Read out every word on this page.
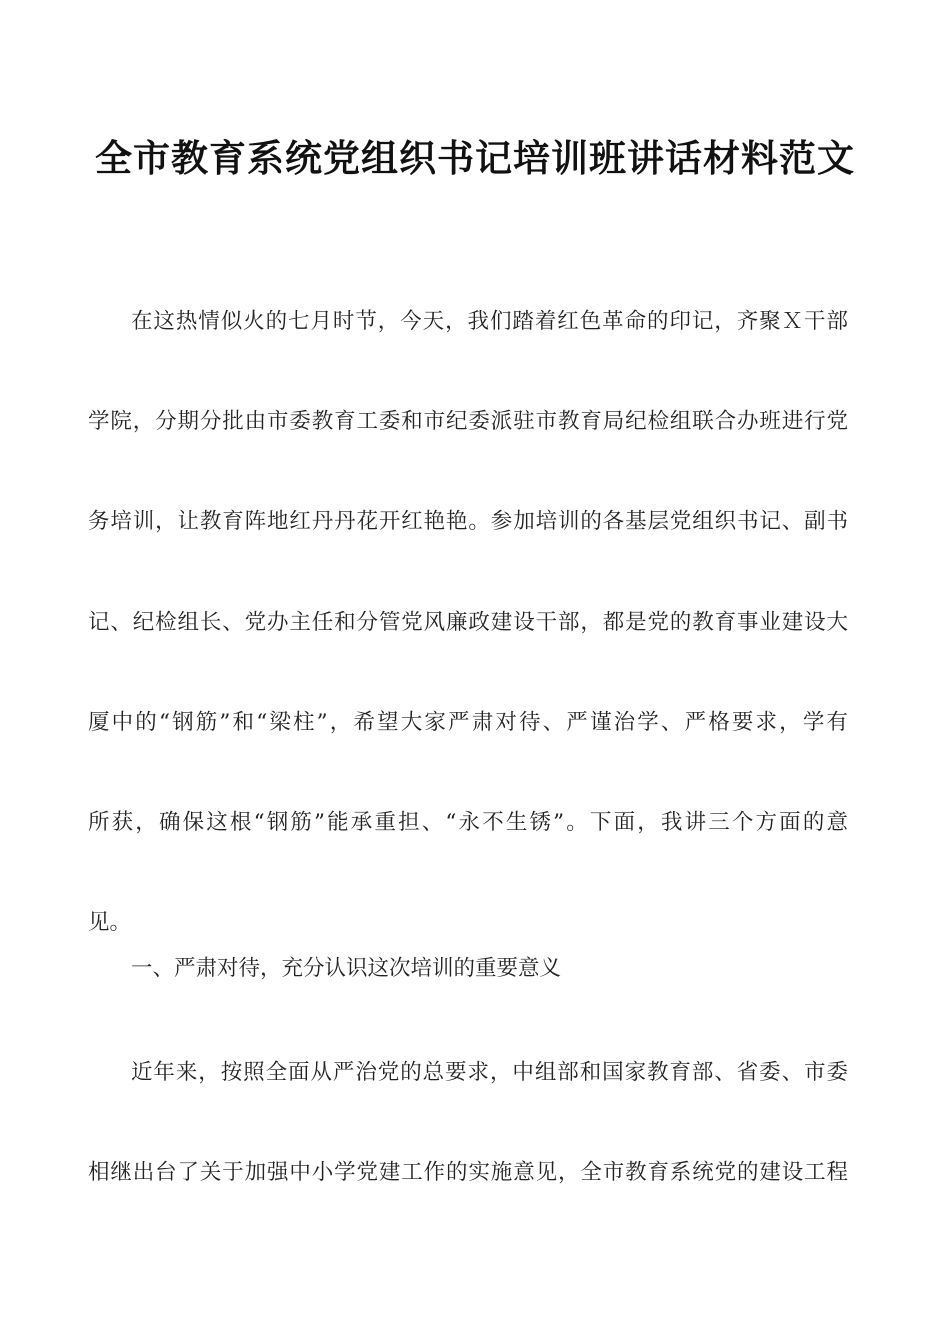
全市教育系统党组织书记培训班讲话材料范文
在这热情似火的七月时节，今天，我们踏着红色革命的印记，齐聚Ｘ干部
学院，分期分批由市委教育工委和市纪委派驻市教育局纪检组联合办班进行党
务培训，让教育阵地红丹丹花开红艳艳。参加培训的各基层党组织书记、副书
记、纪检组长、党办主任和分管党风廉政建设干部，都是党的教育事业建设大
厦中的“钢筋”和“梁柱”，希望大家严肃对待、严谨治学、严格要求，学有
所获，确保这根“钢筋”能承重担、“永不生锈”。下面，我讲三个方面的意
见。
一、严肃对待，充分认识这次培训的重要意义
近年来，按照全面从严治党的总要求，中组部和国家教育部、省委、市委
相继出台了关于加强中小学党建工作的实施意见，全市教育系统党的建设工程
